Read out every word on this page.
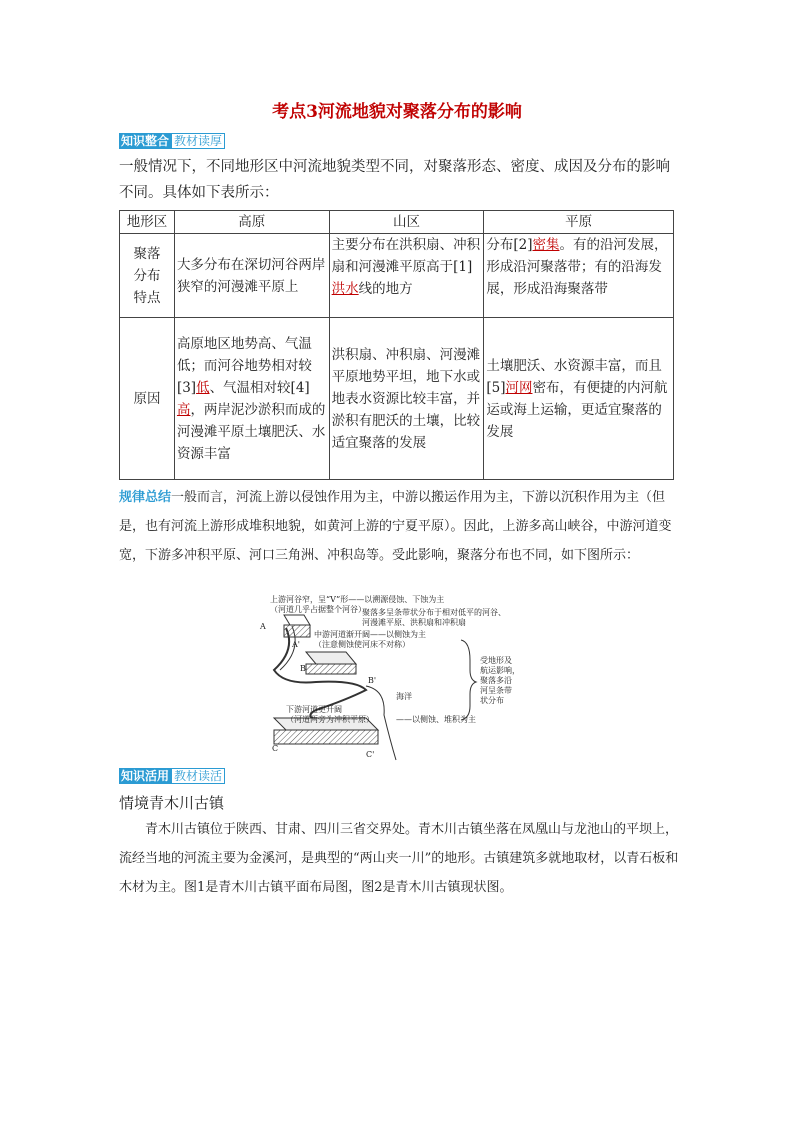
考点3河流地貌对聚落分布的影响
知识整合 教材读厚
一般情况下，不同地形区中河流地貌类型不同，对聚落形态、密度、成因及分布的影响不同。具体如下表所示：
地形区	高原	山区	平原
聚落分布特点	大多分布在深切河谷两岸狭窄的河漫滩平原上	主要分布在洪积扇、冲积扇和河漫滩平原高于[1]洪水线的地方	分布[2]密集。有的沿河发展，形成沿河聚落带；有的沿海发展，形成沿海聚落带
原因	高原地区地势高、气温低；而河谷地势相对较[3]低、气温相对较[4]高，两岸泥沙淤积而成的河漫滩平原土壤肥沃、水资源丰富	洪积扇、冲积扇、河漫滩平原地势平坦，地下水或地表水资源比较丰富，并淤积有肥沃的土壤，比较适宜聚落的发展	土壤肥沃、水资源丰富，而且[5]河网密布，有便捷的内河航运或海上运输，更适宜聚落的发展
规律总结一般而言，河流上游以侵蚀作用为主，中游以搬运作用为主，下游以沉积作用为主（但是，也有河流上游形成堆积地貌，如黄河上游的宁夏平原）。因此，上游多高山峡谷，中游河道变宽，下游多冲积平原、河口三角洲、冲积岛等。受此影响，聚落分布也不同，如下图所示：
上游河谷窄，呈“V”形——以溯源侵蚀、下蚀为主
（河道几乎占据整个河谷）
聚落多呈条带状分布于相对低平的河谷、
河漫滩平原、洪积扇和冲积扇
中游河道渐开阔——以侧蚀为主
（注意侧蚀使河床不对称）
受地形及
航运影响，
聚落多沿
河呈条带
状分布
海洋
下游河道更开阔
（河道两旁为冲积平原）	——以侧蚀、堆积为主
A
A'
B
B'
C
C'
知识活用 教材读活
情境青木川古镇
青木川古镇位于陕西、甘肃、四川三省交界处。青木川古镇坐落在凤凰山与龙池山的平坝上，流经当地的河流主要为金溪河，是典型的“两山夹一川”的地形。古镇建筑多就地取材，以青石板和木材为主。图1是青木川古镇平面布局图，图2是青木川古镇现状图。
